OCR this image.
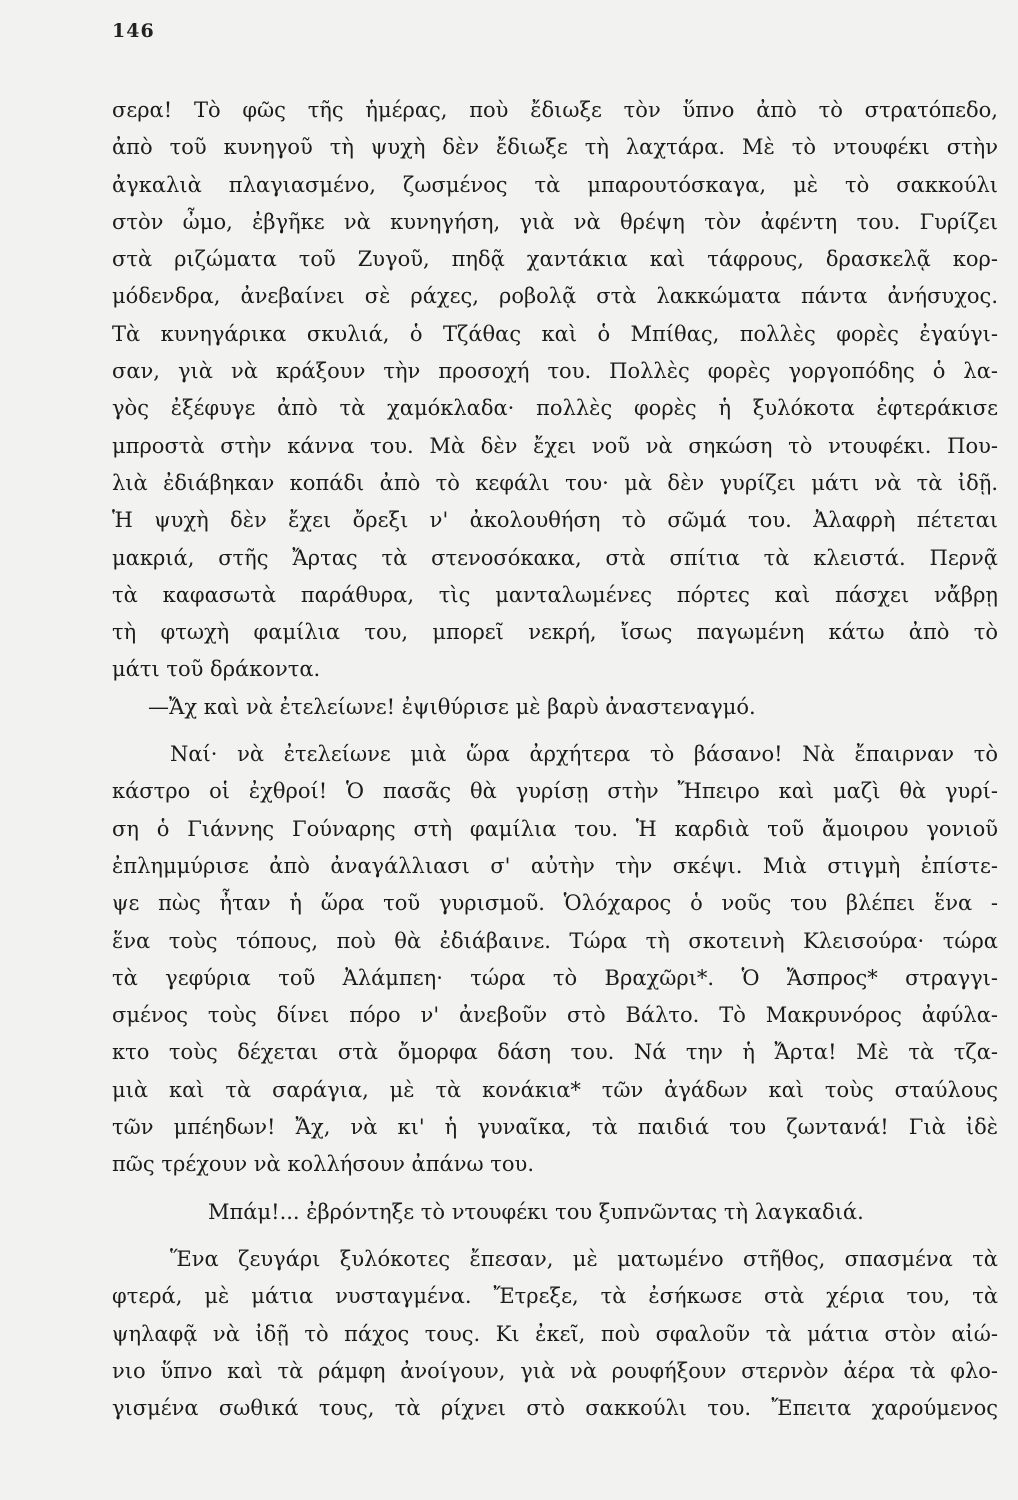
146
σερα! Τὸ φῶς τῆς ἡμέρας, ποὺ ἔδιωξε τὸν ὕπνο ἀπὸ τὸ στρατόπεδο,
ἀπὸ τοῦ κυνηγοῦ τὴ ψυχὴ δὲν ἔδιωξε τὴ λαχτάρα. Μὲ τὸ ντουφέκι στὴν
ἀγκαλιὰ πλαγιασμένο, ζωσμένος τὰ μπαρουτόσκαγα, μὲ τὸ σακκούλι
στὸν ὦμο, ἐβγῆκε νὰ κυνηγήση, γιὰ νὰ θρέψη τὸν ἀφέντη του. Γυρίζει
στὰ ριζώματα τοῦ Ζυγοῦ, πηδᾷ χαντάκια καὶ τάφρους, δρασκελᾷ κορ-
μόδενδρα, ἀνεβαίνει σὲ ράχες, ροβολᾷ στὰ λακκώματα πάντα ἀνήσυχος.
Τὰ κυνηγάρικα σκυλιά, ὁ Τζάθας καὶ ὁ Μπίθας, πολλὲς φορὲς ἐγαύγι-
σαν, γιὰ νὰ κράξουν τὴν προσοχή του. Πολλὲς φορὲς γοργοπόδης ὁ λα-
γὸς ἐξέφυγε ἀπὸ τὰ χαμόκλαδα· πολλὲς φορὲς ἡ ξυλόκοτα ἐφτεράκισε
μπροστὰ στὴν κάννα του. Μὰ δὲν ἔχει νοῦ νὰ σηκώση τὸ ντουφέκι. Που-
λιὰ ἐδιάβηκαν κοπάδι ἀπὸ τὸ κεφάλι του· μὰ δὲν γυρίζει μάτι νὰ τὰ ἰδῇ.
Ἡ ψυχὴ δὲν ἔχει ὄρεξι ν' ἀκολουθήση τὸ σῶμά του. Ἀλαφρὴ πέτεται
μακριά, στῆς Ἄρτας τὰ στενοσόκακα, στὰ σπίτια τὰ κλειστά. Περνᾷ
τὰ καφασωτὰ παράθυρα, τὶς μανταλωμένες πόρτες καὶ πάσχει νἄβρῃ
τὴ φτωχὴ φαμίλια του, μπορεῖ νεκρή, ἴσως παγωμένη κάτω ἀπὸ τὸ
μάτι τοῦ δράκοντα.
—Ἄχ καὶ νὰ ἐτελείωνε! ἐψιθύρισε μὲ βαρὺ ἀναστεναγμό.
Ναί· νὰ ἐτελείωνε μιὰ ὥρα ἀρχήτερα τὸ βάσανο! Νὰ ἔπαιρναν τὸ
κάστρο οἱ ἐχθροί! Ὁ πασᾶς θὰ γυρίσῃ στὴν Ἤπειρο καὶ μαζὶ θὰ γυρί-
ση ὁ Γιάννης Γούναρης στὴ φαμίλια του. Ἡ καρδιὰ τοῦ ἄμοιρου γονιοῦ
ἐπλημμύρισε ἀπὸ ἀναγάλλιασι σ' αὐτὴν τὴν σκέψι. Μιὰ στιγμὴ ἐπίστε-
ψε πὼς ἦταν ἡ ὥρα τοῦ γυρισμοῦ. Ὁλόχαρος ὁ νοῦς του βλέπει ἕνα -
ἕνα τοὺς τόπους, ποὺ θὰ ἐδιάβαινε. Τώρα τὴ σκοτεινὴ Κλεισούρα· τώρα
τὰ γεφύρια τοῦ Ἀλάμπεη· τώρα τὸ Βραχῶρι*. Ὁ Ἄσπρος* στραγγι-
σμένος τοὺς δίνει πόρο ν' ἀνεβοῦν στὸ Βάλτο. Τὸ Μακρυνόρος ἀφύλα-
κτο τοὺς δέχεται στὰ ὄμορφα δάση του. Νά την ἡ Ἄρτα! Μὲ τὰ τζα-
μιὰ καὶ τὰ σαράγια, μὲ τὰ κονάκια* τῶν ἀγάδων καὶ τοὺς σταύλους
τῶν μπέηδων! Ἄχ, νὰ κι' ἡ γυναῖκα, τὰ παιδιά του ζωντανά! Γιὰ ἰδὲ
πῶς τρέχουν νὰ κολλήσουν ἀπάνω του.
Μπάμ!... ἐβρόντηξε τὸ ντουφέκι του ξυπνῶντας τὴ λαγκαδιά.
Ἕνα ζευγάρι ξυλόκοτες ἔπεσαν, μὲ ματωμένο στῆθος, σπασμένα τὰ
φτερά, μὲ μάτια νυσταγμένα. Ἔτρεξε, τὰ ἐσήκωσε στὰ χέρια του, τὰ
ψηλαφᾷ νὰ ἰδῇ τὸ πάχος τους. Κι ἐκεῖ, ποὺ σφαλοῦν τὰ μάτια στὸν αἰώ-
νιο ὕπνο καὶ τὰ ράμφη ἀνοίγουν, γιὰ νὰ ρουφήξουν στερνὸν ἀέρα τὰ φλο-
γισμένα σωθικά τους, τὰ ρίχνει στὸ σακκούλι του. Ἔπειτα χαρούμενος
